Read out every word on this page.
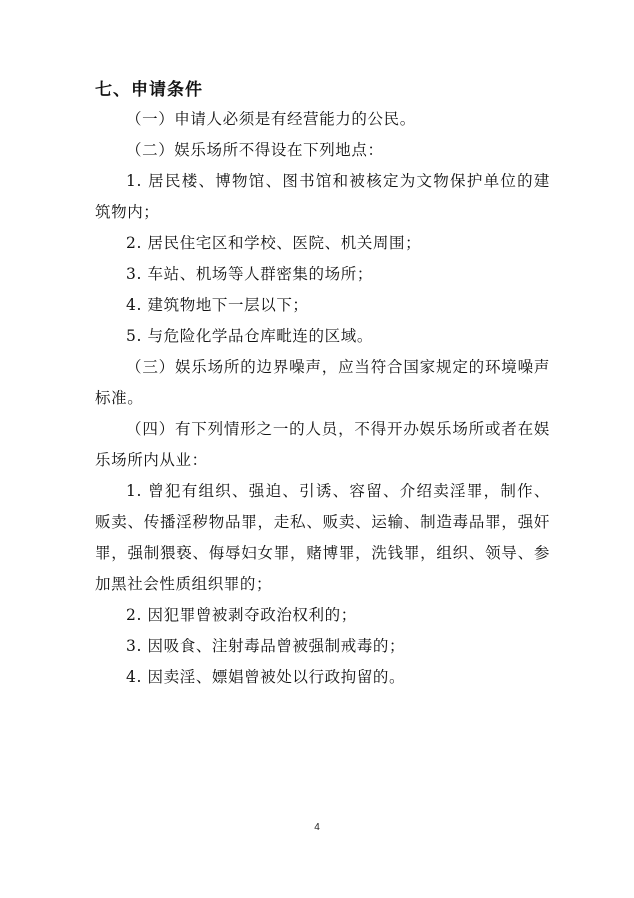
七、申请条件

（一）申请人必须是有经营能力的公民。

（二）娱乐场所不得设在下列地点：

1. 居民楼、博物馆、图书馆和被核定为文物保护单位的建筑物内；

2. 居民住宅区和学校、医院、机关周围；

3. 车站、机场等人群密集的场所；

4. 建筑物地下一层以下；

5. 与危险化学品仓库毗连的区域。

（三）娱乐场所的边界噪声，应当符合国家规定的环境噪声标准。

（四）有下列情形之一的人员，不得开办娱乐场所或者在娱乐场所内从业：

1. 曾犯有组织、强迫、引诱、容留、介绍卖淫罪，制作、贩卖、传播淫秽物品罪，走私、贩卖、运输、制造毒品罪，强奸罪，强制猥亵、侮辱妇女罪，赌博罪，洗钱罪，组织、领导、参加黑社会性质组织罪的；

2. 因犯罪曾被剥夺政治权利的；

3. 因吸食、注射毒品曾被强制戒毒的；

4. 因卖淫、嫖娼曾被处以行政拘留的。

4
